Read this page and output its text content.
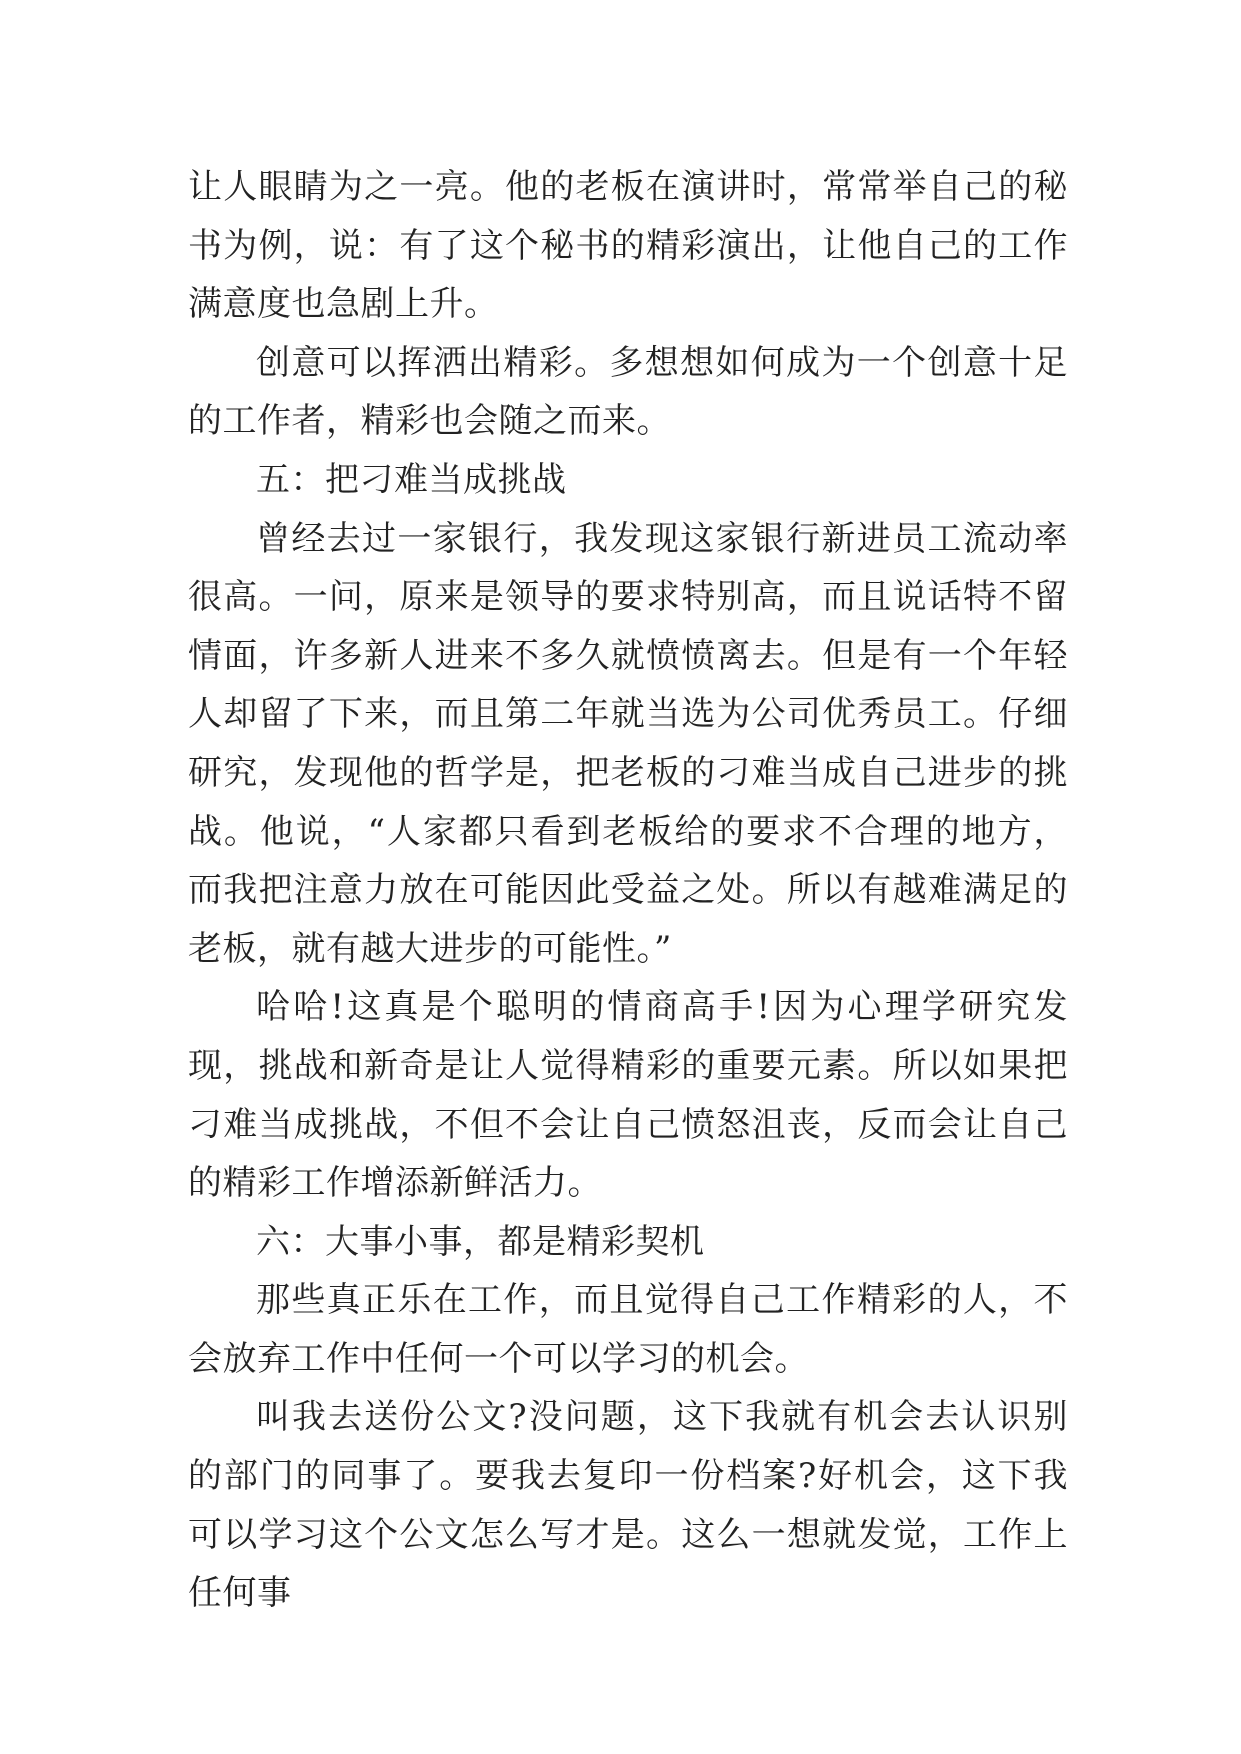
让人眼睛为之一亮。他的老板在演讲时，常常举自己的秘书为例，说：有了这个秘书的精彩演出，让他自己的工作满意度也急剧上升。

创意可以挥洒出精彩。多想想如何成为一个创意十足的工作者，精彩也会随之而来。

五：把刁难当成挑战

曾经去过一家银行，我发现这家银行新进员工流动率很高。一问，原来是领导的要求特别高，而且说话特不留情面，许多新人进来不多久就愤愤离去。但是有一个年轻人却留了下来，而且第二年就当选为公司优秀员工。仔细研究，发现他的哲学是，把老板的刁难当成自己进步的挑战。他说，“人家都只看到老板给的要求不合理的地方，而我把注意力放在可能因此受益之处。所以有越难满足的老板，就有越大进步的可能性。”

哈哈!这真是个聪明的情商高手!因为心理学研究发现，挑战和新奇是让人觉得精彩的重要元素。所以如果把刁难当成挑战，不但不会让自己愤怒沮丧，反而会让自己的精彩工作增添新鲜活力。

六：大事小事，都是精彩契机

那些真正乐在工作，而且觉得自己工作精彩的人，不会放弃工作中任何一个可以学习的机会。

叫我去送份公文?没问题，这下我就有机会去认识别的部门的同事了。要我去复印一份档案?好机会，这下我可以学习这个公文怎么写才是。这么一想就发觉，工作上任何事
